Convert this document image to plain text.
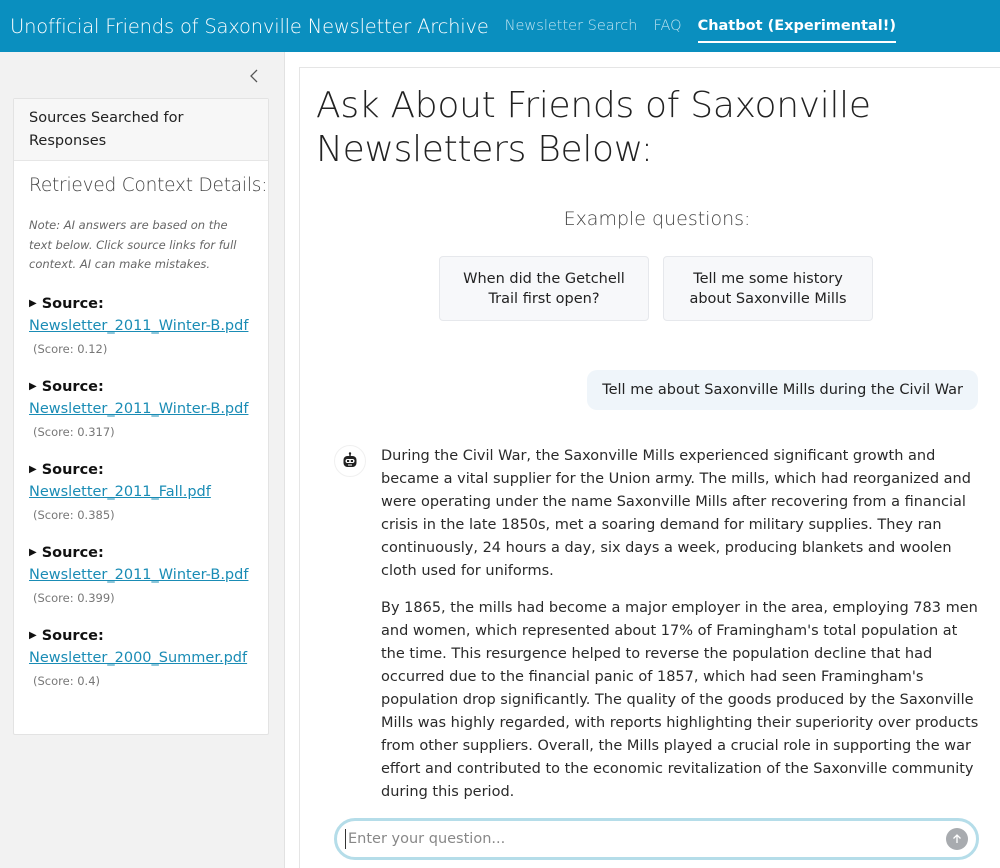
Unofficial Friends of Saxonville Newsletter Archive Newsletter Search FAQ Chatbot (Experimental!)
Sources Searched for Responses
Retrieved Context Details:
Note: AI answers are based on the text below. Click source links for full context. AI can make mistakes.
▶ Source:
Newsletter_2011_Winter-B.pdf
(Score: 0.12)
▶ Source:
Newsletter_2011_Winter-B.pdf
(Score: 0.317)
▶ Source:
Newsletter_2011_Fall.pdf
(Score: 0.385)
▶ Source:
Newsletter_2011_Winter-B.pdf
(Score: 0.399)
▶ Source:
Newsletter_2000_Summer.pdf
(Score: 0.4)
Ask About Friends of Saxonville
Newsletters Below:
Example questions:
When did the Getchell Trail first open?
Tell me some history about Saxonville Mills
Tell me about Saxonville Mills during the Civil War

During the Civil War, the Saxonville Mills experienced significant growth and became a vital supplier for the Union army. The mills, which had reorganized and were operating under the name Saxonville Mills after recovering from a financial crisis in the late 1850s, met a soaring demand for military supplies. They ran continuously, 24 hours a day, six days a week, producing blankets and woolen cloth used for uniforms.

By 1865, the mills had become a major employer in the area, employing 783 men and women, which represented about 17% of Framingham's total population at the time. This resurgence helped to reverse the population decline that had occurred due to the financial panic of 1857, which had seen Framingham's population drop significantly. The quality of the goods produced by the Saxonville Mills was highly regarded, with reports highlighting their superiority over products from other suppliers. Overall, the Mills played a crucial role in supporting the war effort and contributed to the economic revitalization of the Saxonville community during this period.

Enter your question...
